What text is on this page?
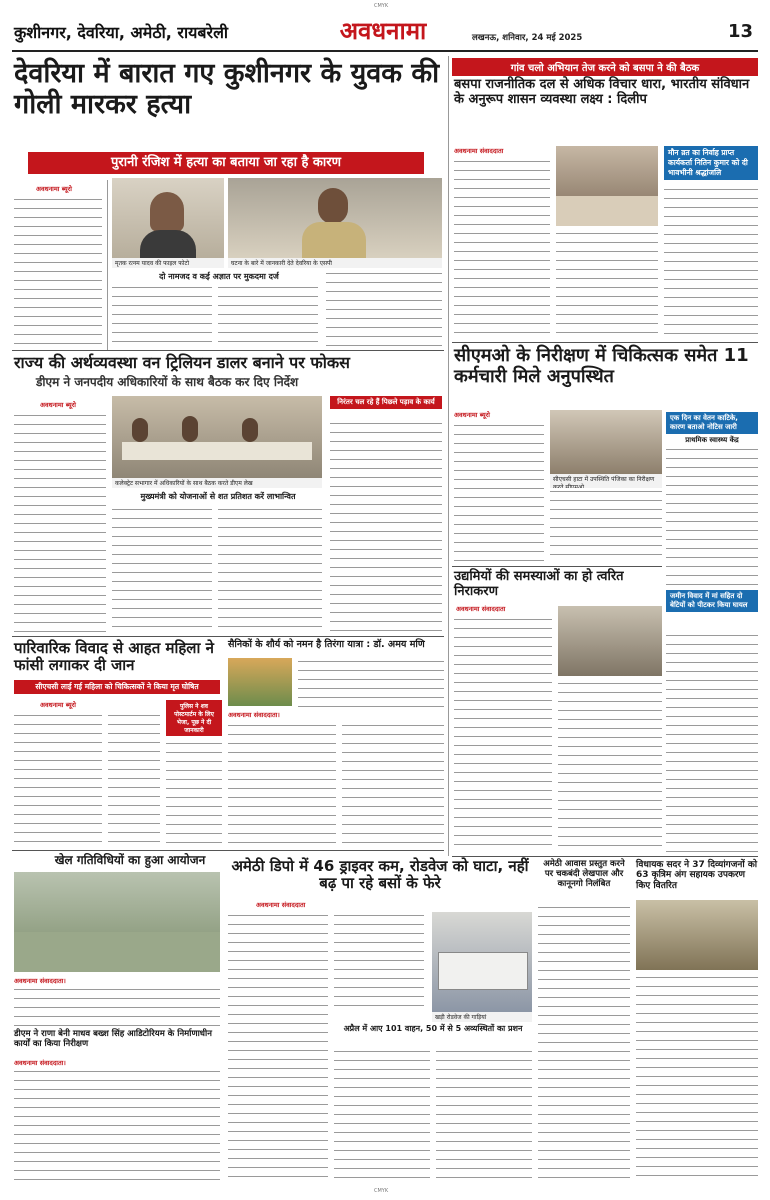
CMYK
कुशीनगर, देवरिया, अमेठी, रायबरेली	अवधनामा	लखनऊ, शनिवार, 24 मई 2025	13
देवरिया में बारात गए कुशीनगर के युवक की गोली मारकर हत्या
पुरानी रंजिश में हत्या का बताया जा रहा है कारण
अवधनामा ब्यूरो
मृतक रत्नम यादव की फाइल फोटो	घटना के बारे में जानकारी देते देवरिया के एसपी
दो नामजद व कई अज्ञात पर मुकदमा दर्ज
राज्य की अर्थव्यवस्था वन ट्रिलियन डालर बनाने पर फोकस
डीएम ने जनपदीय अधिकारियों के साथ बैठक कर दिए निर्देश
अवधनामा ब्यूरो
कलेक्ट्रेट सभागार में अधिकारियों के साथ बैठक करते डीएम लेख
मुख्यमंत्री को योजनाओं से शत प्रतिशत करें लाभान्वित
निरंतर चल रहे हैं पिछले पड़ाव के कार्य
पारिवारिक विवाद से आहत महिला ने फांसी लगाकर दी जान
सीएचसी लाई गई महिला को चिकित्सकों ने किया मृत घोषित
अवधनामा ब्यूरो	पुलिस ने शव पोस्टमार्टम के लिए भेजा, पूछ ने दी जानकारी
सैनिकों के शौर्य को नमन है तिरंगा यात्रा : डॉ. अमय मणि
अवधनामा संवाददाता।
खेल गतिविधियों का हुआ आयोजन
अवधनामा संवाददाता।
डीएम ने राणा बेनी माधव बख्श सिंह आडिटोरियम के निर्माणाधीन कार्यों का किया निरीक्षण
अवधनामा संवाददाता।
अमेठी डिपो में 46 ड्राइवर कम, रोडवेज को घाटा, नहीं बढ़ पा रहे बसों के फेरे
अवधनामा संवाददाता
खड़ी रोडवेज की गाड़ियां
अप्रैल में आए 101 वाहन, 50 में से 5 अव्यस्थितों का प्रशन
गांव चलो अभियान तेज करने को बसपा ने की बैठक
बसपा राजनीतिक दल से अधिक विचार धारा, भारतीय संविधान के अनुरूप शासन व्यवस्था लक्ष्य : दिलीप
अवधनामा संवाददाता	मौन व्रत का निर्वाह प्राप्त कार्यकर्ता नितिन कुमार को दी भावभीनी श्रद्धांजलि
सीएमओ के निरीक्षण में चिकित्सक समेत 11 कर्मचारी मिले अनुपस्थित
अवधनामा ब्यूरो
सीएचसी हाटा में उपस्थिति पंजिका का निरीक्षण
एक दिन का वेतन काटिके, कारण बताओ नोटिस जारी
प्राथमिक स्वास्थ्य केंद्र
उद्यमियों की समस्याओं का हो त्वरित निराकरण
अवधनामा संवाददाता
जमीन विवाद में मां सहित दो बेटियों को पीटकर किया घायल
अमेठी आवास प्रस्तुत करने पर चकबंदी लेखपाल और कानूनगो निलंबित
विधायक सदर ने 37 दिव्यांगजनों को 63 कृत्रिम अंग सहायक उपकरण किए वितरित
CMYK
